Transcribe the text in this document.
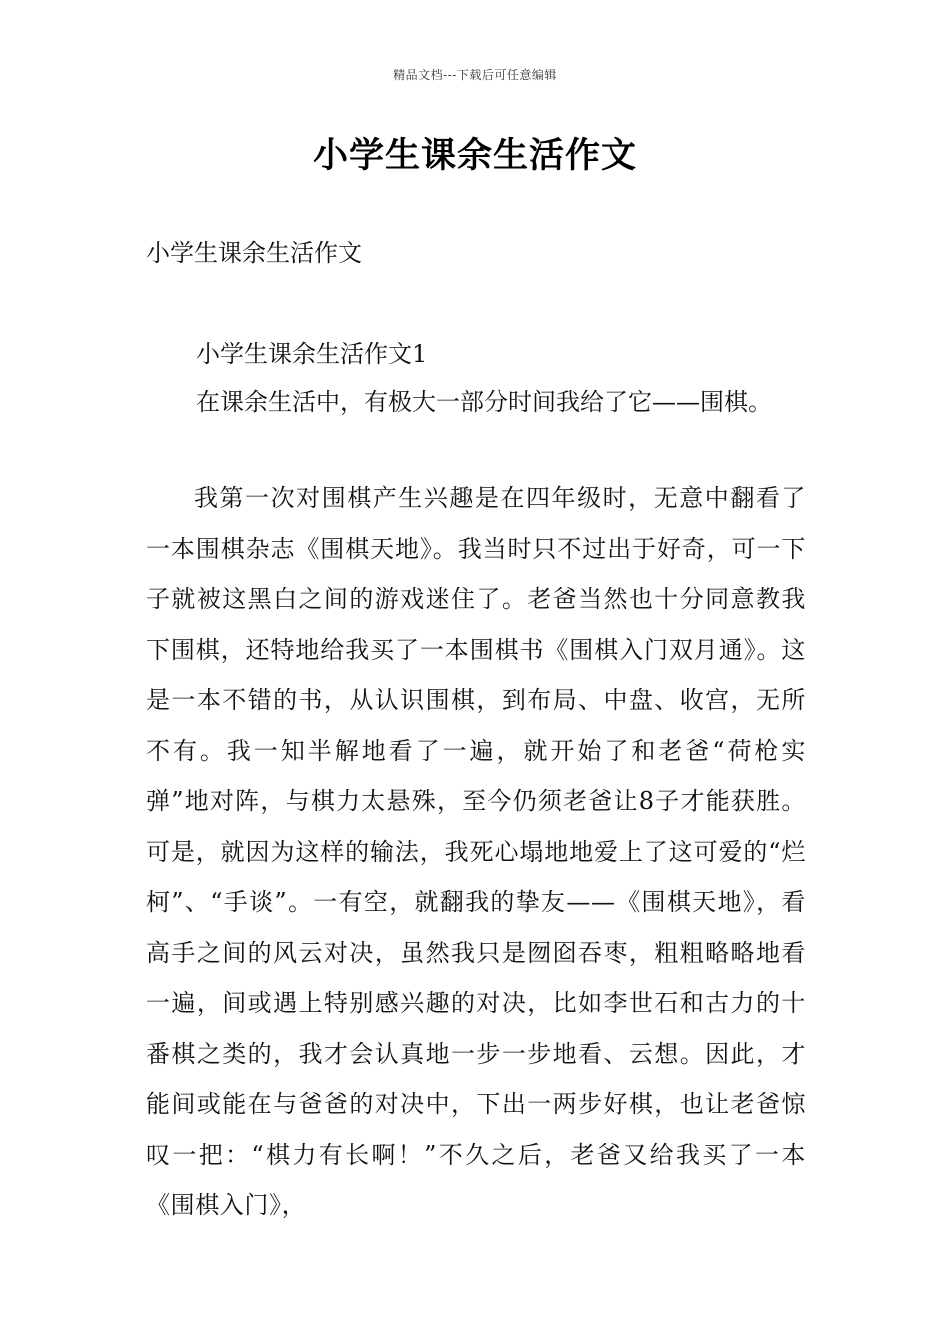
精品文档---下载后可任意编辑
小学生课余生活作文
小学生课余生活作文
小学生课余生活作文1
在课余生活中，有极大一部分时间我给了它——围棋。

我第一次对围棋产生兴趣是在四年级时，无意中翻看了一本围棋杂志《围棋天地》。我当时只不过出于好奇，可一下子就被这黑白之间的游戏迷住了。老爸当然也十分同意教我下围棋，还特地给我买了一本围棋书《围棋入门双月通》。这是一本不错的书，从认识围棋，到布局、中盘、收宫，无所不有。我一知半解地看了一遍，就开始了和老爸“荷枪实弹”地对阵，与棋力太悬殊，至今仍须老爸让8子才能获胜。可是，就因为这样的输法，我死心塌地地爱上了这可爱的“烂柯”、“手谈”。一有空，就翻我的挚友——《围棋天地》，看高手之间的风云对决，虽然我只是囫囵吞枣，粗粗略略地看一遍，间或遇上特别感兴趣的对决，比如李世石和古力的十番棋之类的，我才会认真地一步一步地看、云想。因此，才能间或能在与爸爸的对决中，下出一两步好棋，也让老爸惊叹一把：“棋力有长啊！”不久之后，老爸又给我买了一本《围棋入门》，
